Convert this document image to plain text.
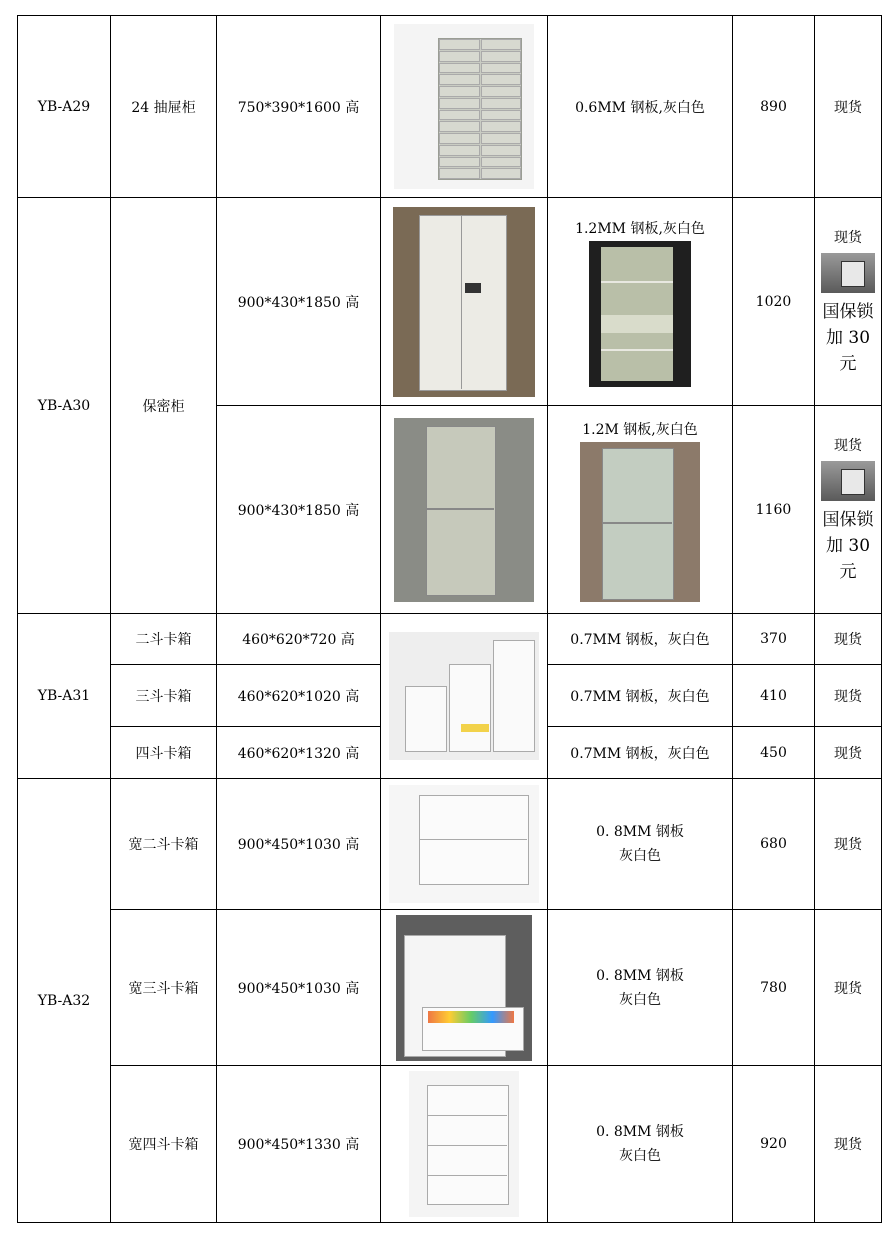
YB-A29	24 抽屉柜	750*390*1600 高		0.6MM 钢板,灰白色	890	现货
YB-A30	保密柜	900*430*1850 高		1.2MM 钢板,灰白色	1020	现货
国保锁加 30 元

		900*430*1850 高		1.2M 钢板,灰白色	1160	现货
国保锁加 30 元

YB-A31	二斗卡箱	460*620*720 高		0.7MM 钢板，灰白色	370	现货
	三斗卡箱	460*620*1020 高		0.7MM 钢板，灰白色	410	现货
	四斗卡箱	460*620*1320 高		0.7MM 钢板，灰白色	450	现货
YB-A32	宽二斗卡箱	900*450*1030 高		0. 8MM 钢板
灰白色	680	现货
	宽三斗卡箱	900*450*1030 高		0. 8MM 钢板
灰白色	780	现货
	宽四斗卡箱	900*450*1330 高		0. 8MM 钢板
灰白色	920	现货
